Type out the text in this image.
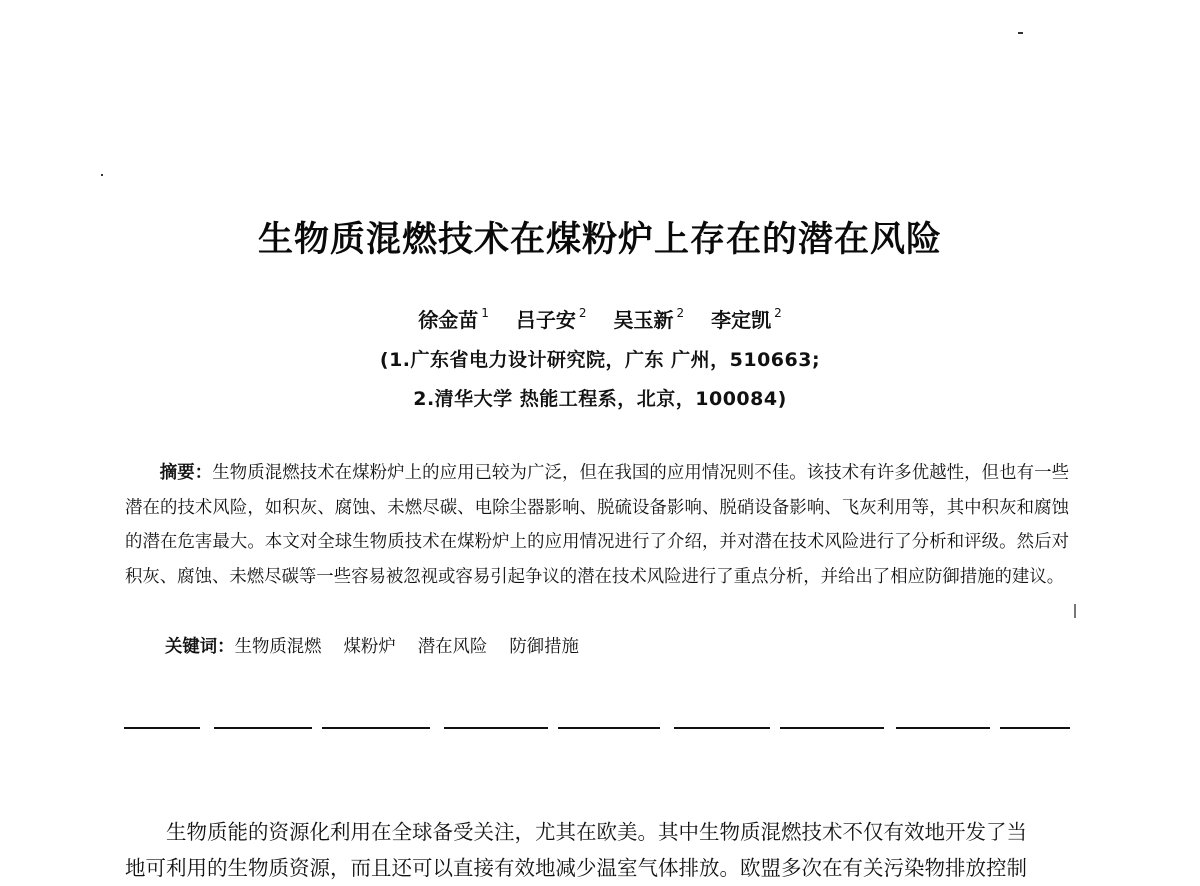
生物质混燃技术在煤粉炉上存在的潜在风险
徐金苗 $^1$ 吕子安 $^2$ 吴玉新 $^2$ 李定凯 $^2$
(1.广东省电力设计研究院，广东 广州，510663;
2.清华大学 热能工程系，北京，100084)

摘要：生物质混燃技术在煤粉炉上的应用已较为广泛，但在我国的应用情况则不佳。该技术有许多优越性，但也有一些潜在的技术风险，如积灰、腐蚀、未燃尽碳、电除尘器影响、脱硫设备影响、脱硝设备影响、飞灰利用等，其中积灰和腐蚀的潜在危害最大。本文对全球生物质技术在煤粉炉上的应用情况进行了介绍，并对潜在技术风险进行了分析和评级。然后对积灰、腐蚀、未燃尽碳等一些容易被忽视或容易引起争议的潜在技术风险进行了重点分析，并给出了相应防御措施的建议。

关键词：生物质混燃 煤粉炉 潜在风险 防御措施

生物质能的资源化利用在全球备受关注，尤其在欧美。其中生物质混燃技术不仅有效地开发了当
地可利用的生物质资源，而且还可以直接有效地减少温室气体排放。欧盟多次在有关污染物排放控制
